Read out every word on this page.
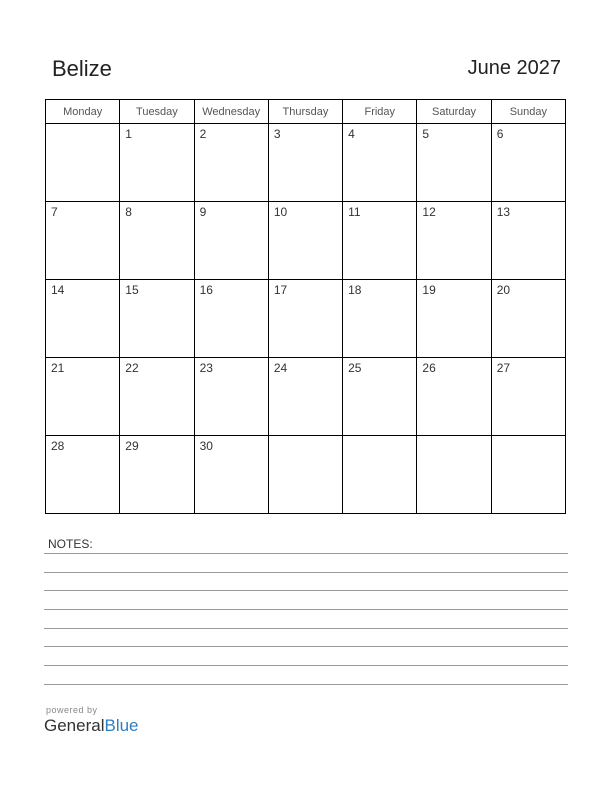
Belize	June 2027
Monday	Tuesday	Wednesday	Thursday	Friday	Saturday	Sunday

	1	2	3	4	5	6

7	8	9	10	11	12	13

14	15	16	17	18	19	20

21	22	23	24	25	26	27

28	29	30				

NOTES:
powered by
GeneralBlue
